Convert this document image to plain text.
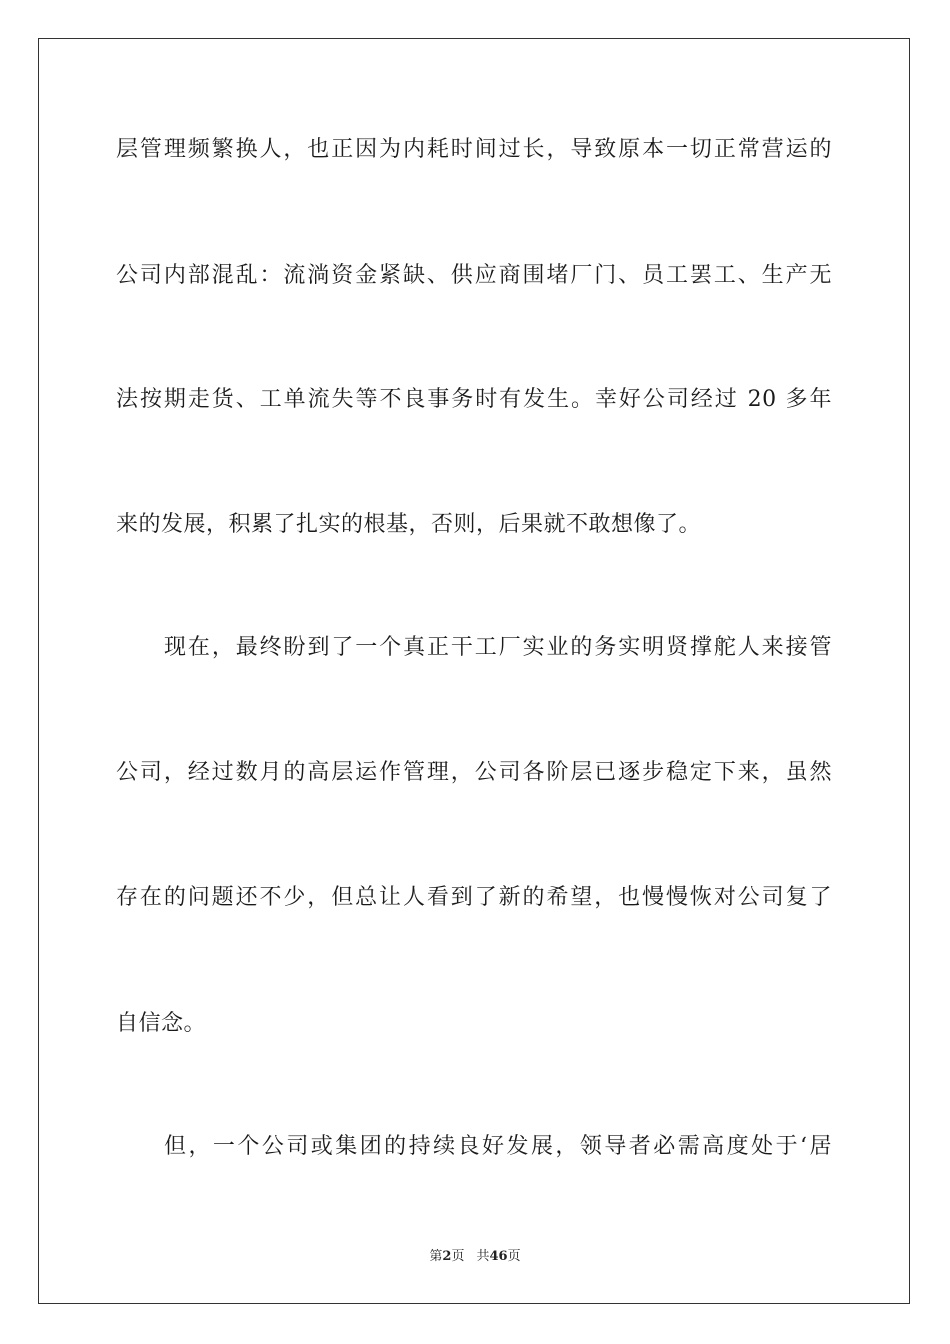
层管理频繁换人，也正因为内耗时间过长，导致原本一切正常营运的
公司内部混乱：流淌资金紧缺、供应商围堵厂门、员工罢工、生产无
法按期走货、工单流失等不良事务时有发生。幸好公司经过 20 多年
来的发展，积累了扎实的根基，否则，后果就不敢想像了。
现在，最终盼到了一个真正干工厂实业的务实明贤撑舵人来接管
公司，经过数月的高层运作管理，公司各阶层已逐步稳定下来，虽然
存在的问题还不少，但总让人看到了新的希望，也慢慢恢对公司复了
自信念。
但，一个公司或集团的持续良好发展，领导者必需高度处于‘居
第2页 共46页
